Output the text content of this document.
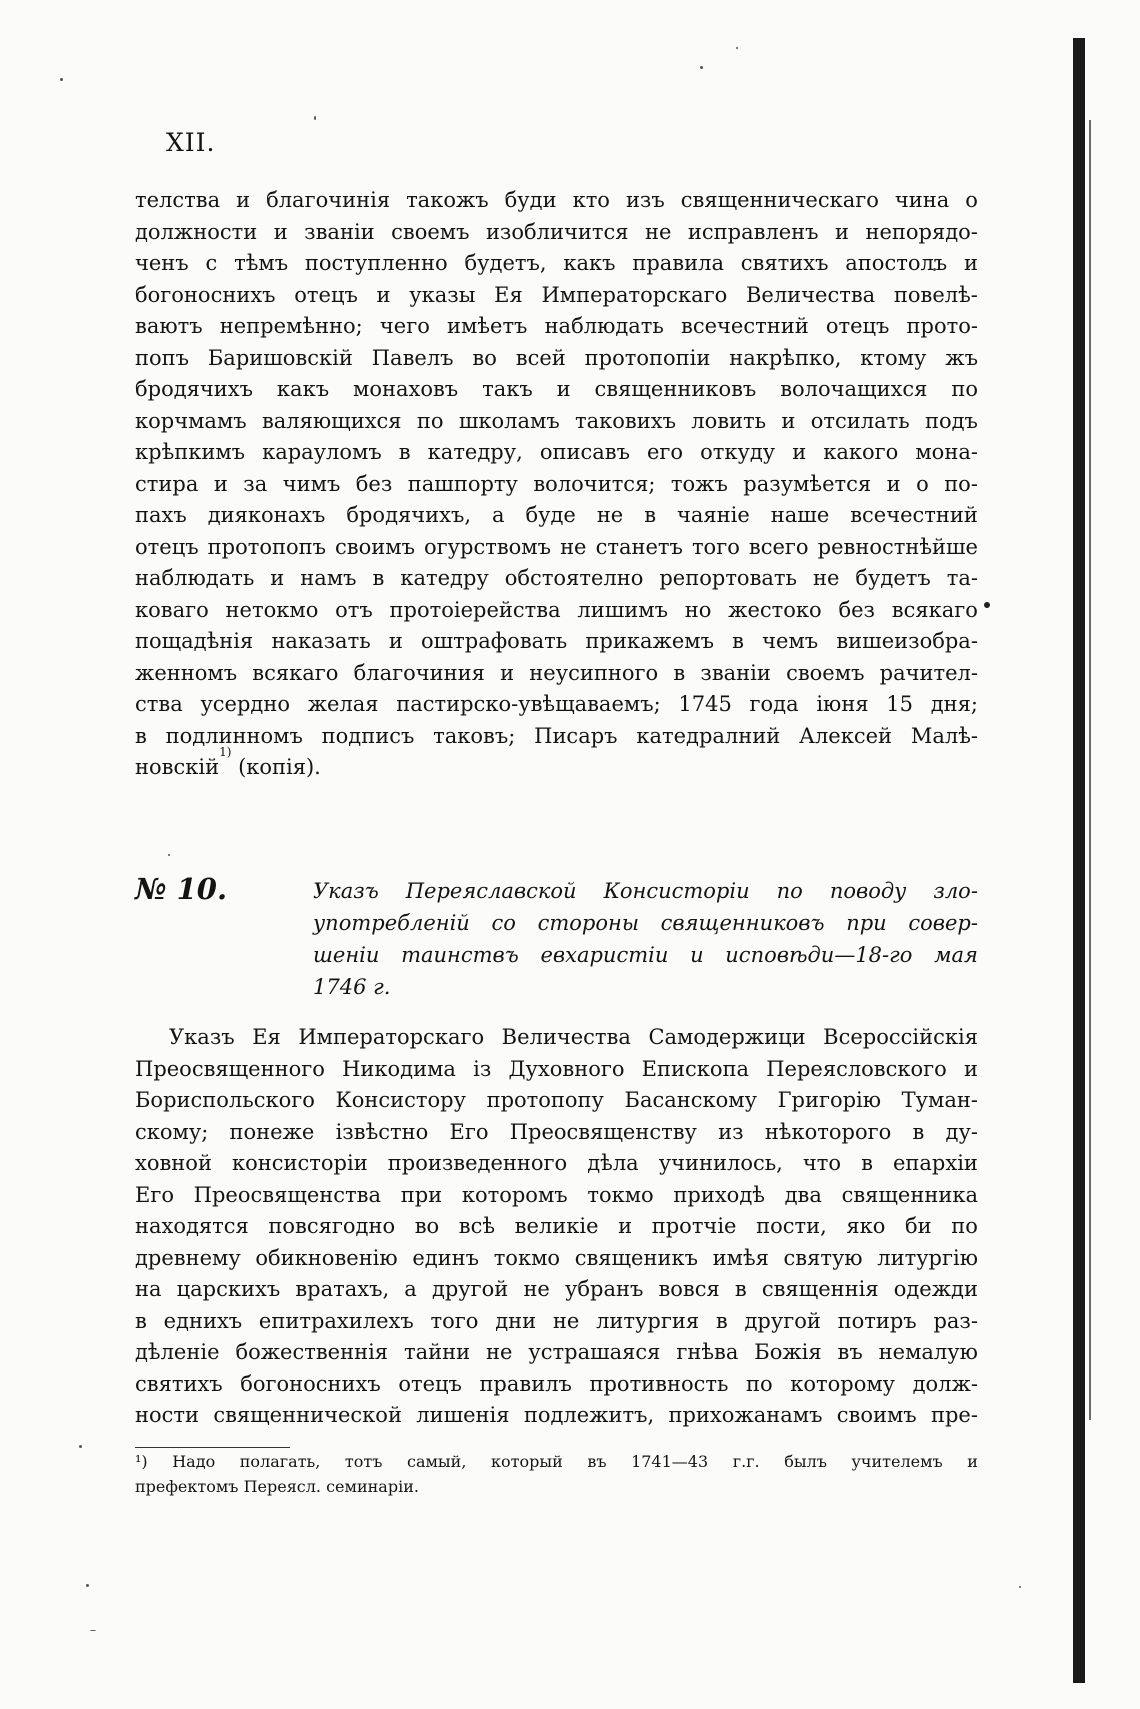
XII.
телства и благочинія такожъ буди кто изъ священническаго чина о
должности и званіи своемъ изобличится не исправленъ и непорядо-
ченъ с тѣмъ поступленно будетъ, какъ правила святихъ апостолъ и
богоноснихъ отецъ и указы Ея Императорскаго Величества повелѣ-
ваютъ непремѣнно; чего имѣетъ наблюдать всечестний отецъ прото-
попъ Баришовскій Павелъ во всей протопопіи накрѣпко, ктому жъ
бродячихъ какъ монаховъ такъ и священниковъ волочащихся по
корчмамъ валяющихся по школамъ таковихъ ловить и отсилать подъ
крѣпкимъ карауломъ в катедру, описавъ его откуду и какого мона-
стира и за чимъ без пашпорту волочится; тожъ разумѣется и о по-
пахъ дияконахъ бродячихъ, а буде не в чаяніе наше всечестний
отецъ протопопъ своимъ огурствомъ не станетъ того всего ревностнѣйше
наблюдать и намъ в катедру обстоятелно репортовать не будетъ та-
коваго нетокмо отъ протоіерейства лишимъ но жестоко без всякаго
пощадѣнія наказать и оштрафовать прикажемъ в чемъ вишеизобра-
женномъ всякаго благочиния и неусипного в званіи своемъ рачител-
ства усердно желая пастирско-увѣщаваемъ; 1745 года іюня 15 дня;
в подлинномъ подписъ таковъ; Писаръ катедралний Алексей Малѣ-
новскій
1)
(копія).
№ 10.	Указъ Переяславской Консисторіи по поводу зло-
употребленій со стороны священниковъ при совер-
шеніи таинствъ евхаристіи и исповѣди—18-го мая
1746 г.
Указъ Ея Императорскаго Величества Самодержици Всероссійскія
Преосвященного Никодима із Духовного Епископа Переясловского и
Бориспольского Консистору протопопу Басанскому Григорію Туман-
скому; понеже ізвѣстно Его Преосвященству из нѣкоторого в ду-
ховной консисторіи произведенного дѣла учинилось, что в епархіи
Его Преосвященства при которомъ токмо приходѣ два священника
находятся повсягодно во всѣ великіе и протчіе пости, яко би по
древнему обикновенію единъ токмо священикъ имѣя святую литургію
на царскихъ вратахъ, а другой не убранъ вовся в священнія одежди
в еднихъ епитрахилехъ того дни не литургия в другой потиръ раз-
дѣленіе божественнія тайни не устрашаяся гнѣва Божія въ немалую
святихъ богоноснихъ отецъ правилъ противность по которому долж-
ности священнической лишенія подлежитъ, прихожанамъ своимъ пре-
¹) Надо полагать, тотъ самый, который въ 1741—43 г.г. былъ учителемъ и
префектомъ Переясл. семинаріи.
